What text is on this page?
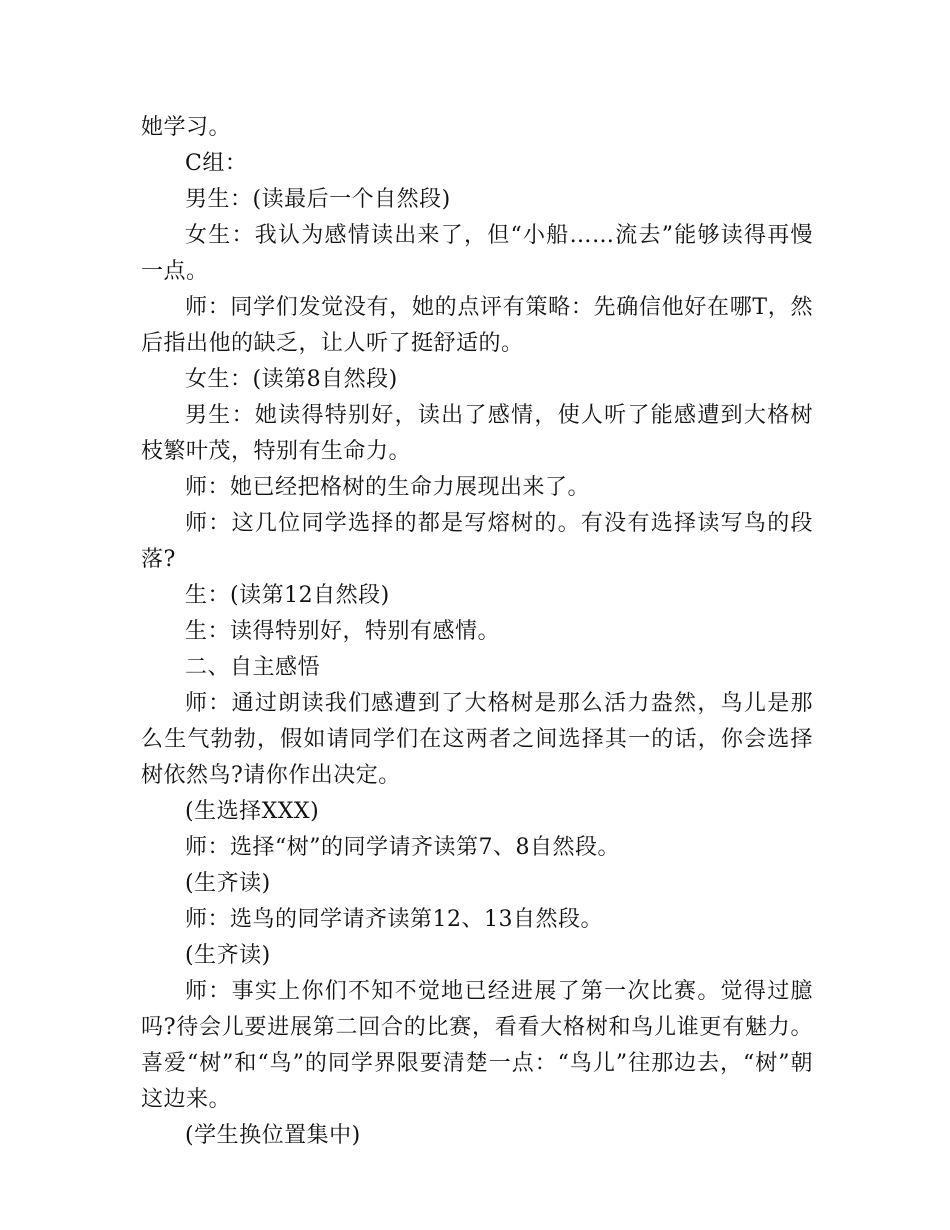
她学习。

C组：

男生：(读最后一个自然段)

女生：我认为感情读出来了，但“小船……流去”能够读得再慢一点。

师：同学们发觉没有，她的点评有策略：先确信他好在哪T，然后指出他的缺乏，让人听了挺舒适的。

女生：(读第8自然段)

男生：她读得特别好，读出了感情，使人听了能感遭到大格树枝繁叶茂，特别有生命力。

师：她已经把格树的生命力展现出来了。

师：这几位同学选择的都是写熔树的。有没有选择读写鸟的段落?

生：(读第12自然段)

生：读得特别好，特别有感情。

二、自主感悟

师：通过朗读我们感遭到了大格树是那么活力盎然，鸟儿是那么生气勃勃，假如请同学们在这两者之间选择其一的话，你会选择树依然鸟?请你作出决定。

(生选择XXX)

师：选择“树”的同学请齐读第7、8自然段。

(生齐读)

师：选鸟的同学请齐读第12、13自然段。

(生齐读)

师：事实上你们不知不觉地已经进展了第一次比赛。觉得过臆吗?待会儿要进展第二回合的比赛，看看大格树和鸟儿谁更有魅力。喜爱“树”和“鸟”的同学界限要清楚一点：“鸟儿”往那边去，“树”朝这边来。

(学生换位置集中)
